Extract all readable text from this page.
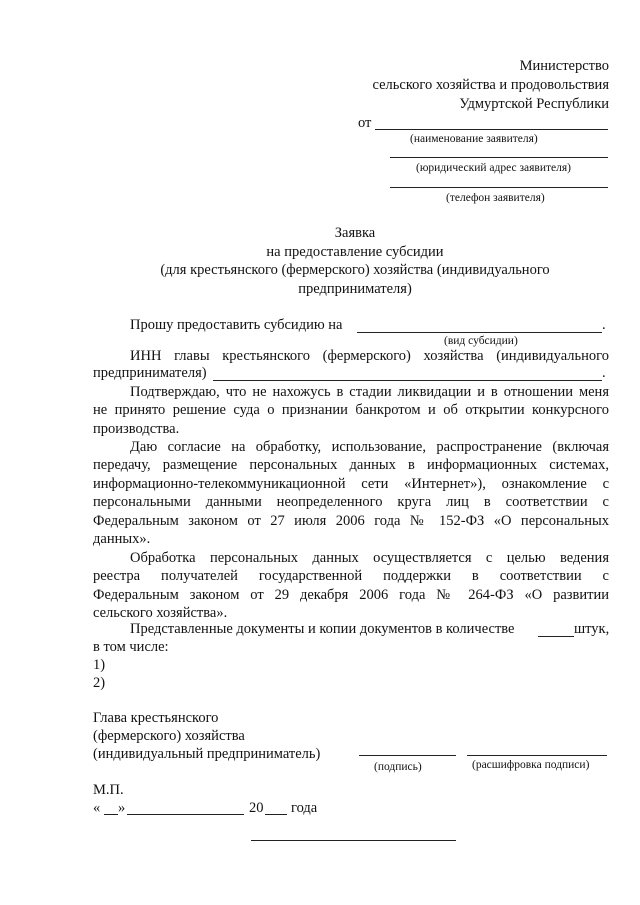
Министерство
сельского хозяйства и продовольствия
Удмуртской Республики
от
(наименование заявителя)
(юридический адрес заявителя)
(телефон заявителя)
Заявка
на предоставление субсидии
(для крестьянского (фермерского) хозяйства (индивидуального
предпринимателя)
Прошу предоставить субсидию на	.
(вид субсидии)
ИНН главы крестьянского (фермерского) хозяйства (индивидуального
предпринимателя)	.
Подтверждаю, что не нахожусь в стадии ликвидации и в отношении меня
не принято решение суда о признании банкротом и об открытии конкурсного
производства.
Даю согласие на обработку, использование, распространение (включая
передачу, размещение персональных данных в информационных системах,
информационно-телекоммуникационной сети «Интернет»), ознакомление с
персональными данными неопределенного круга лиц в соответствии с
Федеральным законом от 27 июля 2006 года № 152-ФЗ «О персональных
данных».
Обработка персональных данных осуществляется с целью ведения
реестра получателей государственной поддержки в соответствии с
Федеральным законом от 29 декабря 2006 года № 264-ФЗ «О развитии
сельского хозяйства».
Представленные документы и копии документов в количестве	штук,
в том числе:
1)
2)
Глава крестьянского
(фермерского) хозяйства
(индивидуальный предприниматель)
(подпись)	(расшифровка подписи)
М.П.
« »	20 года
